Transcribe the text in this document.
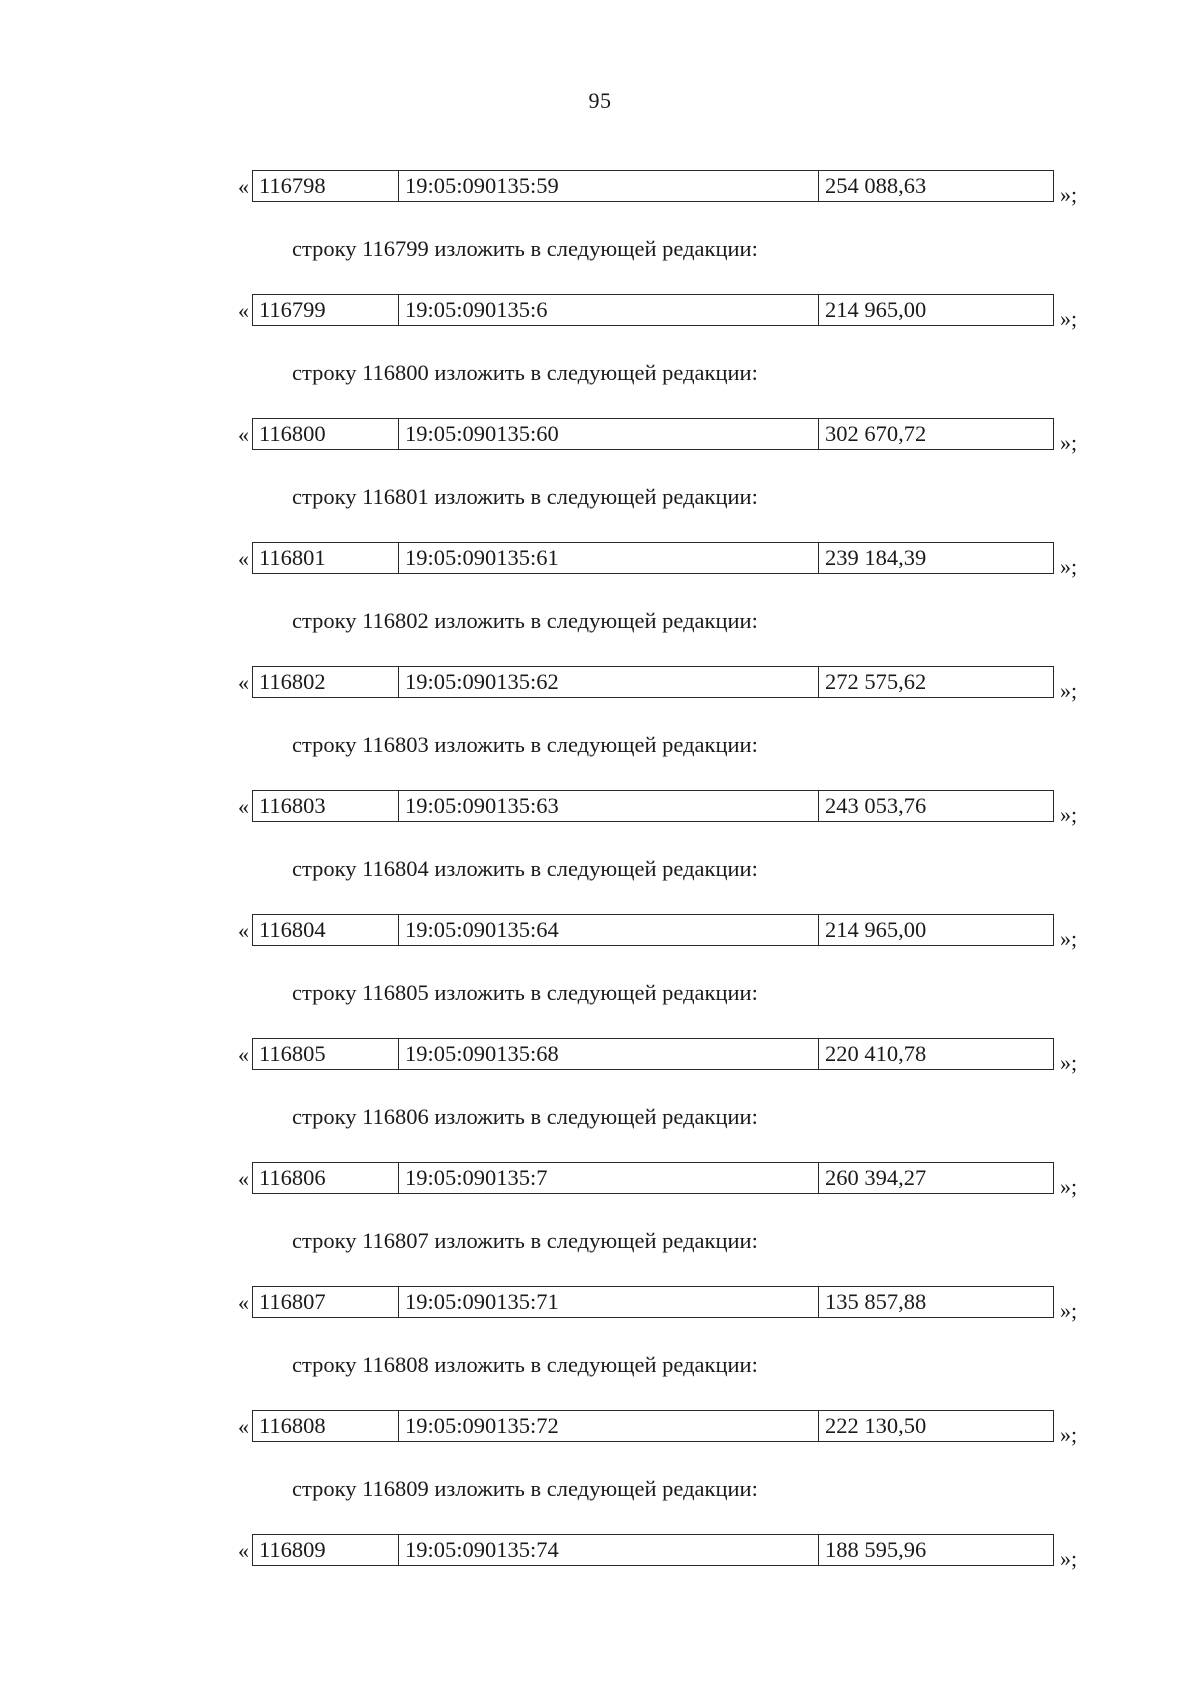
95
« 116798	19:05:090135:59	254 088,63	»;
строку 116799 изложить в следующей редакции:
« 116799	19:05:090135:6	214 965,00	»;
строку 116800 изложить в следующей редакции:
« 116800	19:05:090135:60	302 670,72	»;
строку 116801 изложить в следующей редакции:
« 116801	19:05:090135:61	239 184,39	»;
строку 116802 изложить в следующей редакции:
« 116802	19:05:090135:62	272 575,62	»;
строку 116803 изложить в следующей редакции:
« 116803	19:05:090135:63	243 053,76	»;
строку 116804 изложить в следующей редакции:
« 116804	19:05:090135:64	214 965,00	»;
строку 116805 изложить в следующей редакции:
« 116805	19:05:090135:68	220 410,78	»;
строку 116806 изложить в следующей редакции:
« 116806	19:05:090135:7	260 394,27	»;
строку 116807 изложить в следующей редакции:
« 116807	19:05:090135:71	135 857,88	»;
строку 116808 изложить в следующей редакции:
« 116808	19:05:090135:72	222 130,50	»;
строку 116809 изложить в следующей редакции:
« 116809	19:05:090135:74	188 595,96	»;
